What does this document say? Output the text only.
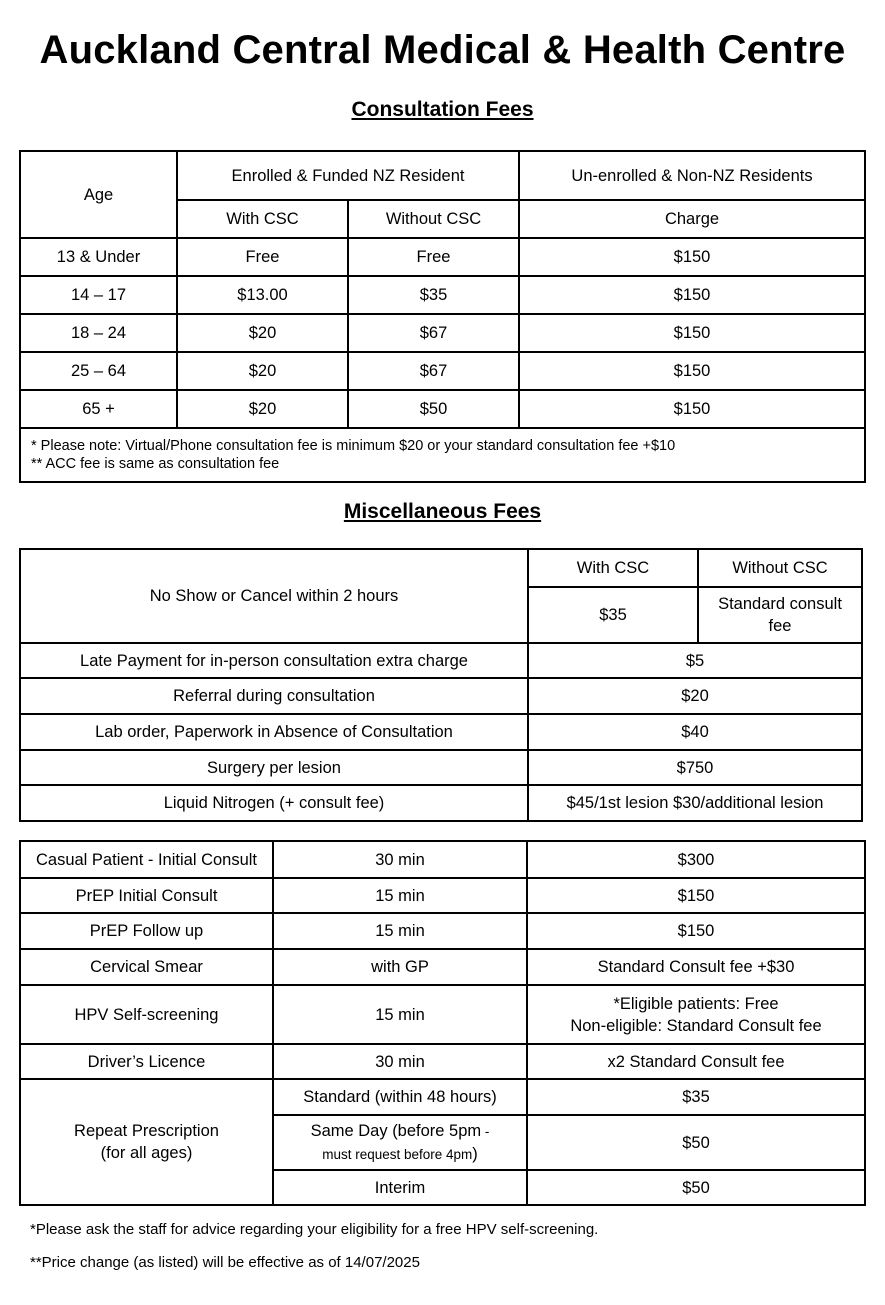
Auckland Central Medical & Health Centre
Consultation Fees
Age	Enrolled & Funded NZ Resident		Un-enrolled & Non-NZ Residents
	With CSC	Without CSC	Charge
13 & Under	Free	Free	$150
14 – 17	$13.00	$35	$150
18 – 24	$20	$67	$150
25 – 64	$20	$67	$150
65 +	$20	$50	$150

* Please note: Virtual/Phone consultation fee is minimum $20 or your standard consultation fee +$10
** ACC fee is same as consultation fee			
Miscellaneous Fees
No Show or Cancel within 2 hours	With CSC	Without CSC
	$35	Standard consult
fee

Late Payment for in-person consultation extra charge	$5	
Referral during consultation	$20	
Lab order, Paperwork in Absence of Consultation	$40	
Surgery per lesion	$750	
Liquid Nitrogen (+ consult fee)	$45/1st lesion $30/additional lesion	
Casual Patient - Initial Consult	30 min	$300
PrEP Initial Consult	15 min	$150
PrEP Follow up	15 min	$150
Cervical Smear	with GP	Standard Consult fee +$30
HPV Self-screening	15 min	*Eligible patients: Free
Non-eligible: Standard Consult fee

Driver’s Licence	30 min	x2 Standard Consult fee

Repeat Prescription
(for all ages)	Standard (within 48 hours)	$35

	Same Day (before 5pm -
must request before 4pm)	$50
	Interim	$50
*Please ask the staff for advice regarding your eligibility for a free HPV self-screening.
**Price change (as listed) will be effective as of 14/07/2025
